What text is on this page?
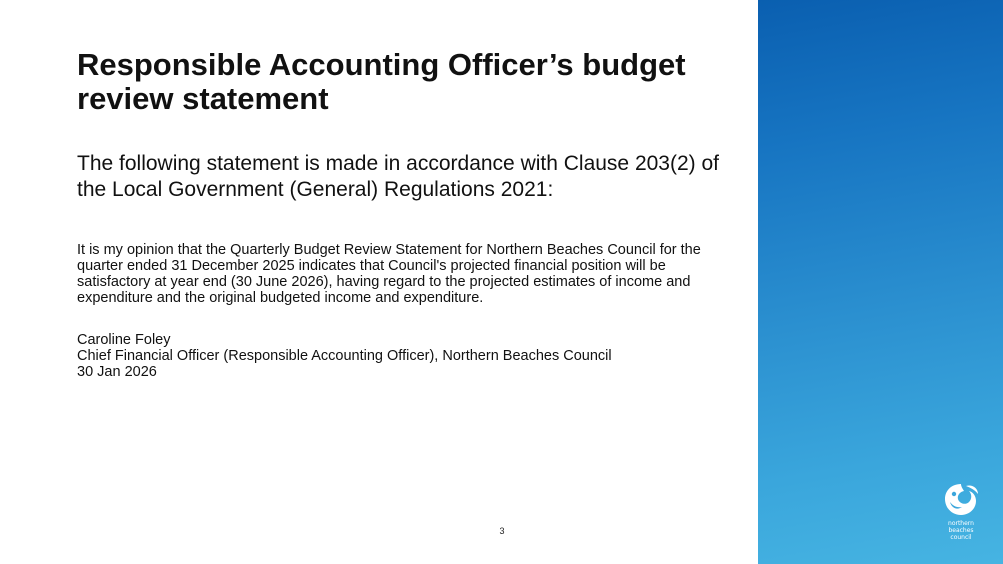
Responsible Accounting Officer’s budget review statement

The following statement is made in accordance with Clause 203(2) of the Local Government (General) Regulations 2021:

It is my opinion that the Quarterly Budget Review Statement for Northern Beaches Council for the quarter ended 31 December 2025 indicates that Council's projected financial position will be satisfactory at year end (30 June 2026), having regard to the projected estimates of income and expenditure and the original budgeted income and expenditure.

Caroline Foley
Chief Financial Officer (Responsible Accounting Officer), Northern Beaches Council
30 Jan 2026
3
northern
beaches
council
